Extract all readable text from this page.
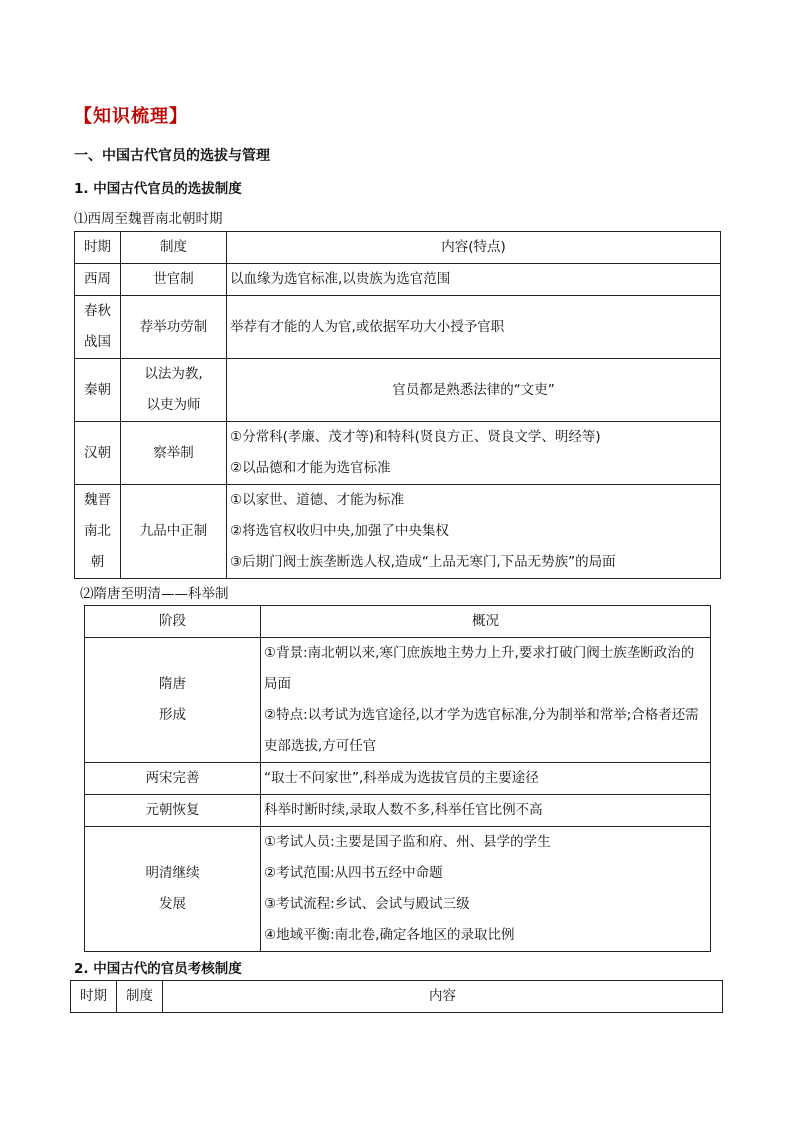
【知识梳理】
一、中国古代官员的选拔与管理
1. 中国古代官员的选拔制度
⑴西周至魏晋南北朝时期
时期	制度	内容(特点)

西周	世官制	以血缘为选官标准,以贵族为选官范围

春秋
战国	荐举功劳制	举荐有才能的人为官,或依据军功大小授予官职

秦朝	以法为教,
以吏为师	官员都是熟悉法律的“文吏”

汉朝	察举制	①分常科(孝廉、茂才等)和特科(贤良方正、贤良文学、明经等)
②以品德和才能为选官标准

魏晋
南北
朝	九品中正制	①以家世、道德、才能为标准
②将选官权收归中央,加强了中央集权
③后期门阀士族垄断选人权,造成“上品无寒门,下品无势族”的局面
⑵隋唐至明清——科举制
阶段	概况

隋唐
形成	①背景:南北朝以来,寒门庶族地主势力上升,要求打破门阀士族垄断政治的局面
②特点:以考试为选官途径,以才学为选官标准,分为制举和常举;合格者还需吏部选拔,方可任官

两宋完善	“取士不问家世”,科举成为选拔官员的主要途径

元朝恢复	科举时断时续,录取人数不多,科举任官比例不高

明清继续
发展	①考试人员:主要是国子监和府、州、县学的学生
②考试范围:从四书五经中命题
③考试流程:乡试、会试与殿试三级
④地域平衡:南北卷,确定各地区的录取比例
2. 中国古代的官员考核制度
时期	制度	内容
